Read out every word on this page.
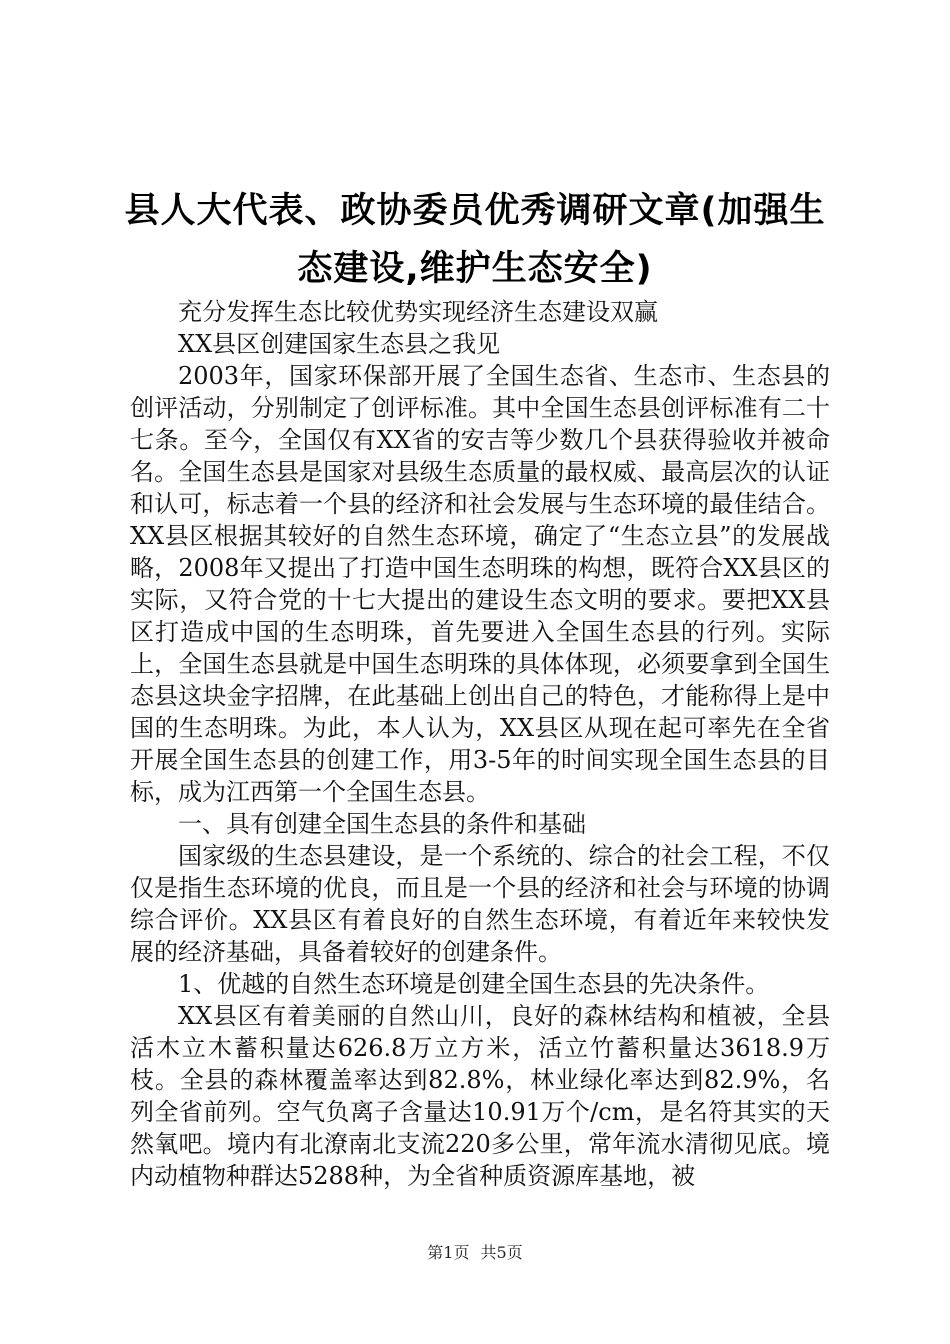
县人大代表、政协委员优秀调研文章(加强生态建设,维护生态安全)

充分发挥生态比较优势实现经济生态建设双赢

XX县区创建国家生态县之我见

2003年，国家环保部开展了全国生态省、生态市、生态县的创评活动，分别制定了创评标准。其中全国生态县创评标准有二十七条。至今，全国仅有XX省的安吉等少数几个县获得验收并被命名。全国生态县是国家对县级生态质量的最权威、最高层次的认证和认可，标志着一个县的经济和社会发展与生态环境的最佳结合。XX县区根据其较好的自然生态环境，确定了“生态立县”的发展战略，2008年又提出了打造中国生态明珠的构想，既符合XX县区的实际，又符合党的十七大提出的建设生态文明的要求。要把XX县区打造成中国的生态明珠，首先要进入全国生态县的行列。实际上，全国生态县就是中国生态明珠的具体体现，必须要拿到全国生态县这块金字招牌，在此基础上创出自己的特色，才能称得上是中国的生态明珠。为此，本人认为，XX县区从现在起可率先在全省开展全国生态县的创建工作，用3-5年的时间实现全国生态县的目标，成为江西第一个全国生态县。

一、具有创建全国生态县的条件和基础

国家级的生态县建设，是一个系统的、综合的社会工程，不仅仅是指生态环境的优良，而且是一个县的经济和社会与环境的协调综合评价。XX县区有着良好的自然生态环境，有着近年来较快发展的经济基础，具备着较好的创建条件。

1、优越的自然生态环境是创建全国生态县的先决条件。

XX县区有着美丽的自然山川，良好的森林结构和植被，全县活木立木蓄积量达626.8万立方米，活立竹蓄积量达3618.9万枝。全县的森林覆盖率达到82.8%，林业绿化率达到82.9%，名列全省前列。空气负离子含量达10.91万个/cm，是名符其实的天然氧吧。境内有北潦南北支流220多公里，常年流水清彻见底。境内动植物种群达5288种，为全省种质资源库基地，被

第1页 共5页
